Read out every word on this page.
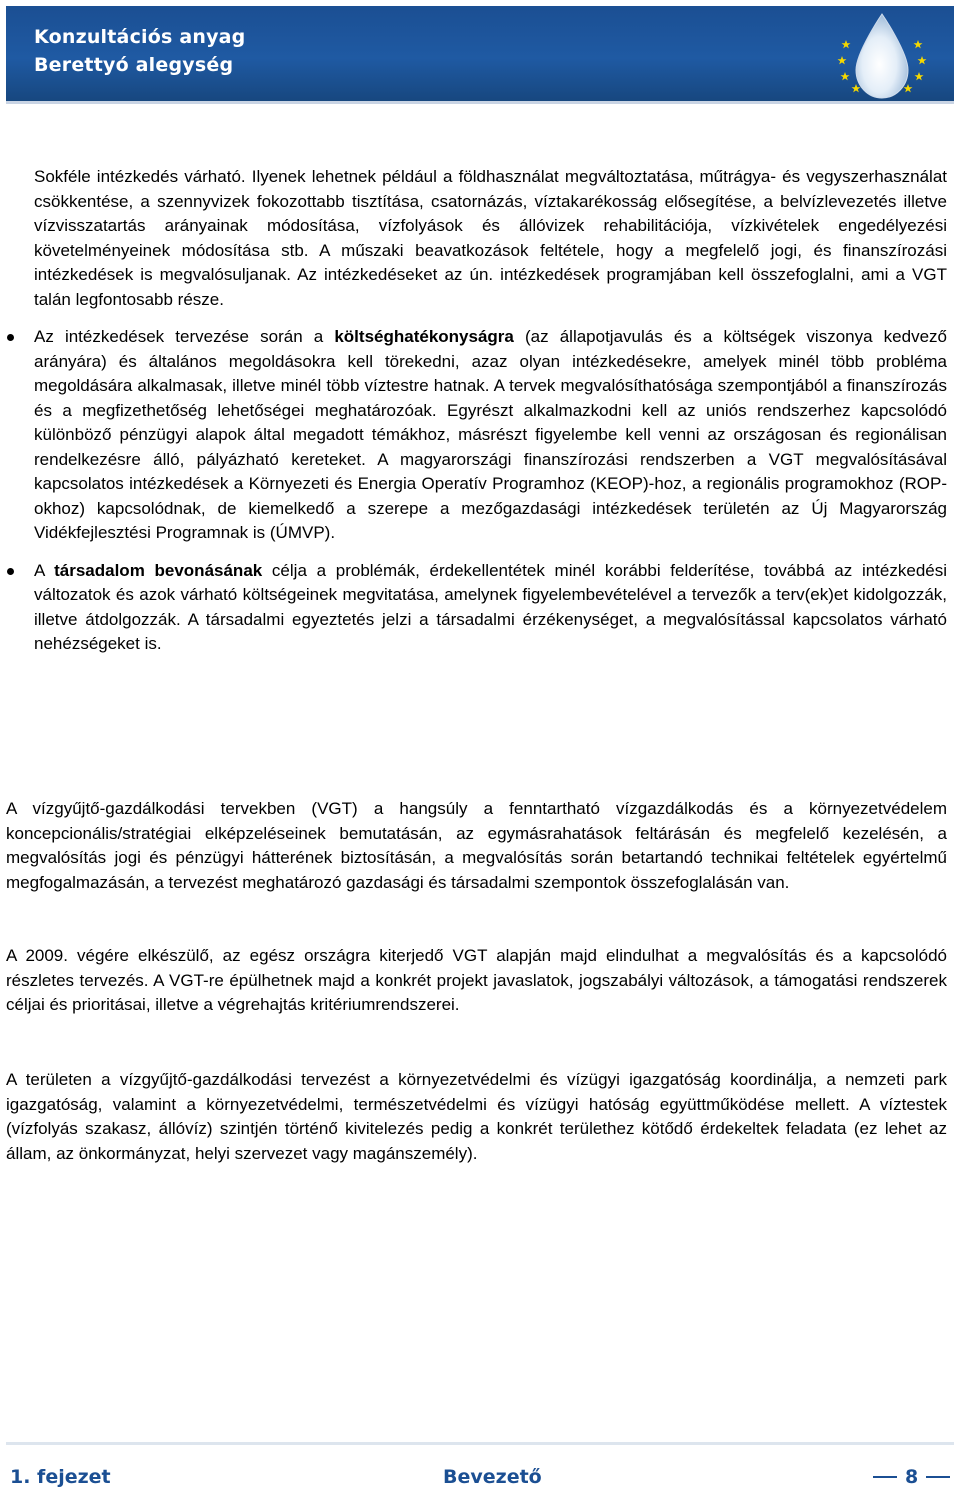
Konzultációs anyag
Berettyó alegység

Sokféle intézkedés várható. Ilyenek lehetnek például a földhasználat megváltoztatása, műtrágya- és vegyszerhasználat csökkentése, a szennyvizek fokozottabb tisztítása, csatornázás, víztakarékosság elősegítése, a belvízlevezetés illetve vízvisszatartás arányainak módosítása, vízfolyások és állóvizek rehabilitációja, vízkivételek engedélyezési követelményeinek módosítása stb. A műszaki beavatkozások feltétele, hogy a megfelelő jogi, és finanszírozási intézkedések is megvalósuljanak. Az intézkedéseket az ún. intézkedések programjában kell összefoglalni, ami a VGT talán legfontosabb része.

Az intézkedések tervezése során a költséghatékonyságra (az állapotjavulás és a költségek viszonya kedvező arányára) és általános megoldásokra kell törekedni, azaz olyan intézkedésekre, amelyek minél több probléma megoldására alkalmasak, illetve minél több víztestre hatnak. A tervek megvalósíthatósága szempontjából a finanszírozás és a megfizethetőség lehetőségei meghatározóak. Egyrészt alkalmazkodni kell az uniós rendszerhez kapcsolódó különböző pénzügyi alapok által megadott témákhoz, másrészt figyelembe kell venni az országosan és regionálisan rendelkezésre álló, pályázható kereteket. A magyarországi finanszírozási rendszerben a VGT megvalósításával kapcsolatos intézkedések a Környezeti és Energia Operatív Programhoz (KEOP)-hoz, a regionális programokhoz (ROP-okhoz) kapcsolódnak, de kiemelkedő a szerepe a mezőgazdasági intézkedések területén az Új Magyarország Vidékfejlesztési Programnak is (ÚMVP).

A társadalom bevonásának célja a problémák, érdekellentétek minél korábbi felderítése, továbbá az intézkedési változatok és azok várható költségeinek megvitatása, amelynek figyelembevételével a tervezők a terv(ek)et kidolgozzák, illetve átdolgozzák. A társadalmi egyeztetés jelzi a társadalmi érzékenységet, a megvalósítással kapcsolatos várható nehézségeket is.

A vízgyűjtő-gazdálkodási tervekben (VGT) a hangsúly a fenntartható vízgazdálkodás és a környezetvédelem koncepcionális/stratégiai elképzeléseinek bemutatásán, az egymásrahatások feltárásán és megfelelő kezelésén, a megvalósítás jogi és pénzügyi hátterének biztosításán, a megvalósítás során betartandó technikai feltételek egyértelmű megfogalmazásán, a tervezést meghatározó gazdasági és társadalmi szempontok összefoglalásán van.

A 2009. végére elkészülő, az egész országra kiterjedő VGT alapján majd elindulhat a megvalósítás és a kapcsolódó részletes tervezés. A VGT-re épülhetnek majd a konkrét projekt javaslatok, jogszabályi változások, a támogatási rendszerek céljai és prioritásai, illetve a végrehajtás kritériumrendszerei.

A területen a vízgyűjtő-gazdálkodási tervezést a környezetvédelmi és vízügyi igazgatóság koordinálja, a nemzeti park igazgatóság, valamint a környezetvédelmi, természetvédelmi és vízügyi hatóság együttműködése mellett. A víztestek (vízfolyás szakasz, állóvíz) szintjén történő kivitelezés pedig a konkrét területhez kötődő érdekeltek feladata (ez lehet az állam, az önkormányzat, helyi szervezet vagy magánszemély).

1. fejezet	Bevezető	8
